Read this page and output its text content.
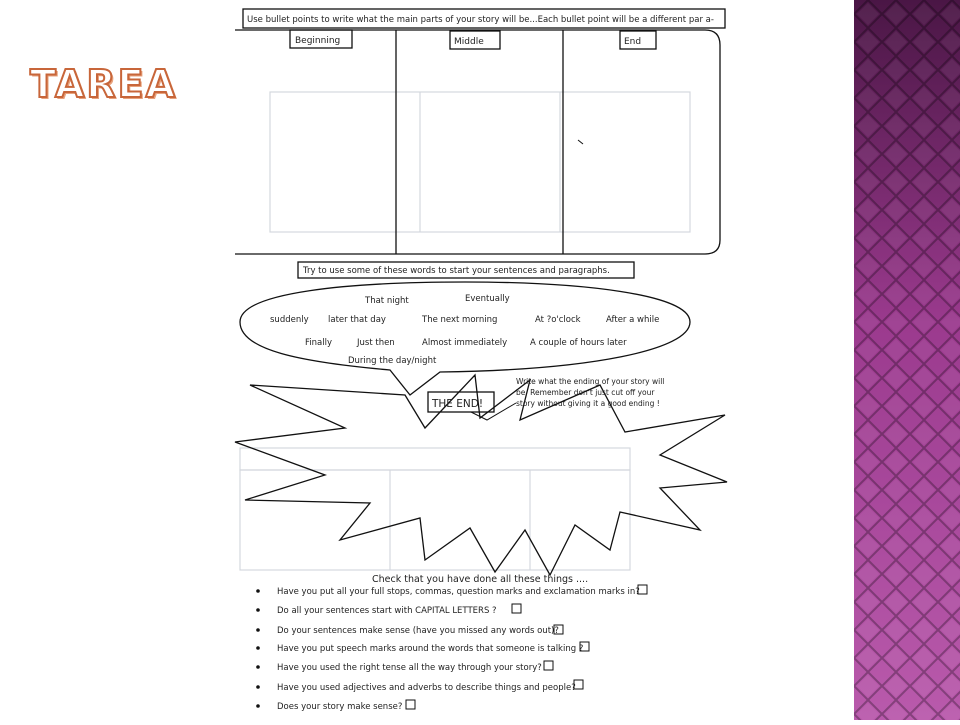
TAREA
Use bullet points to write what the main parts of your story will be...Each bullet point will be a different par a-
Beginning	Middle	End
Try to use some of these words to start your sentences and paragraphs.
That night	Eventually
suddenly later that day	The next morning	At ?o'clock	After a while
Finally	Just then	Almost immediately	A couple of hours later
During the day/night
THE END!
Write what the ending of your story will
be. Remember don't just cut off your
story without giving it a good ending !
Check that you have done all these things ....
Have you put all your full stops, commas, question marks and exclamation marks in?
Do all your sentences start with CAPITAL LETTERS ?
Do your sentences make sense (have you missed any words out)?
Have you put speech marks around the words that someone is talking ?
Have you used the right tense all the way through your story?
Have you used adjectives and adverbs to describe things and people?
Does your story make sense?
